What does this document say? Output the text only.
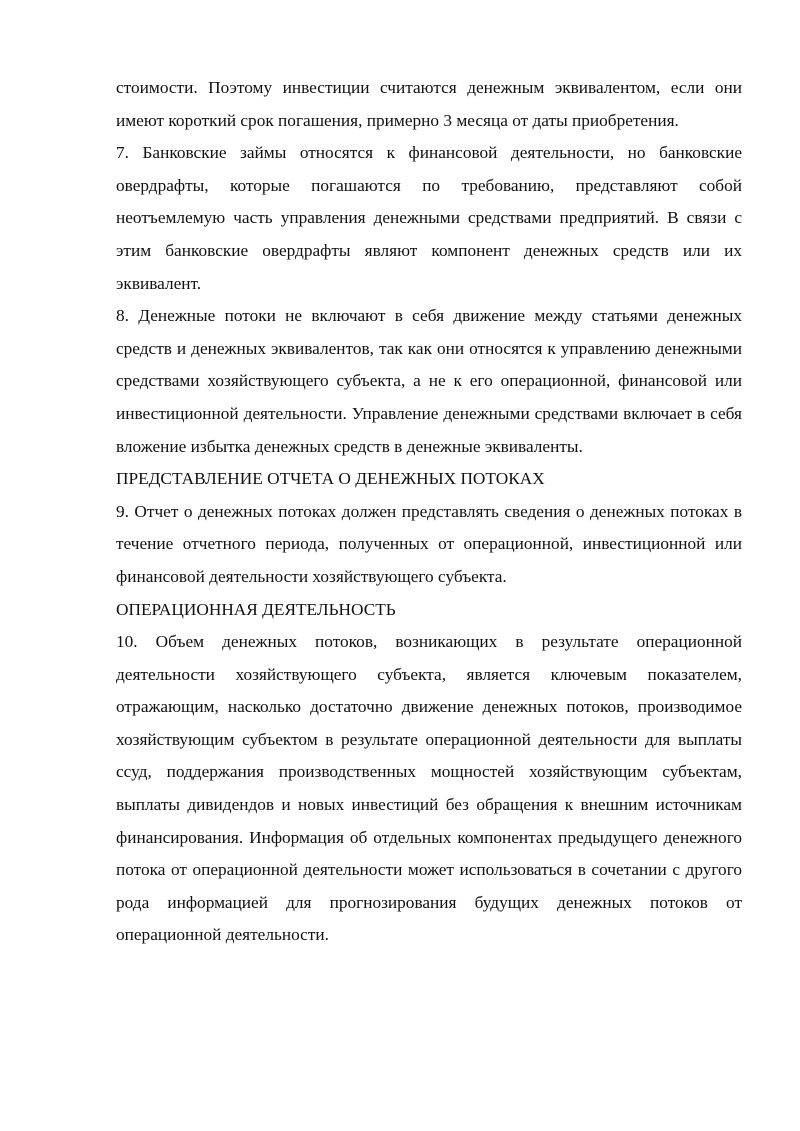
стоимости. Поэтому инвестиции считаются денежным эквивалентом, если они имеют короткий срок погашения, примерно 3 месяца от даты приобретения.

7. Банковские займы относятся к финансовой деятельности, но банковские овердрафты, которые погашаются по требованию, представляют собой неотъемлемую часть управления денежными средствами предприятий. В связи с этим банковские овердрафты являют компонент денежных средств или их эквивалент.

8. Денежные потоки не включают в себя движение между статьями денежных средств и денежных эквивалентов, так как они относятся к управлению денежными средствами хозяйствующего субъекта, а не к его операционной, финансовой или инвестиционной деятельности. Управление денежными средствами включает в себя вложение избытка денежных средств в денежные эквиваленты.

ПРЕДСТАВЛЕНИЕ ОТЧЕТА О ДЕНЕЖНЫХ ПОТОКАХ

9. Отчет о денежных потоках должен представлять сведения о денежных потоках в течение отчетного периода, полученных от операционной, инвестиционной или финансовой деятельности хозяйствующего субъекта.

ОПЕРАЦИОННАЯ ДЕЯТЕЛЬНОСТЬ

10. Объем денежных потоков, возникающих в результате операционной деятельности хозяйствующего субъекта, является ключевым показателем, отражающим, насколько достаточно движение денежных потоков, производимое хозяйствующим субъектом в результате операционной деятельности для выплаты ссуд, поддержания производственных мощностей хозяйствующим субъектам, выплаты дивидендов и новых инвестиций без обращения к внешним источникам финансирования. Информация об отдельных компонентах предыдущего денежного потока от операционной деятельности может использоваться в сочетании с другого рода информацией для прогнозирования будущих денежных потоков от операционной деятельности.
